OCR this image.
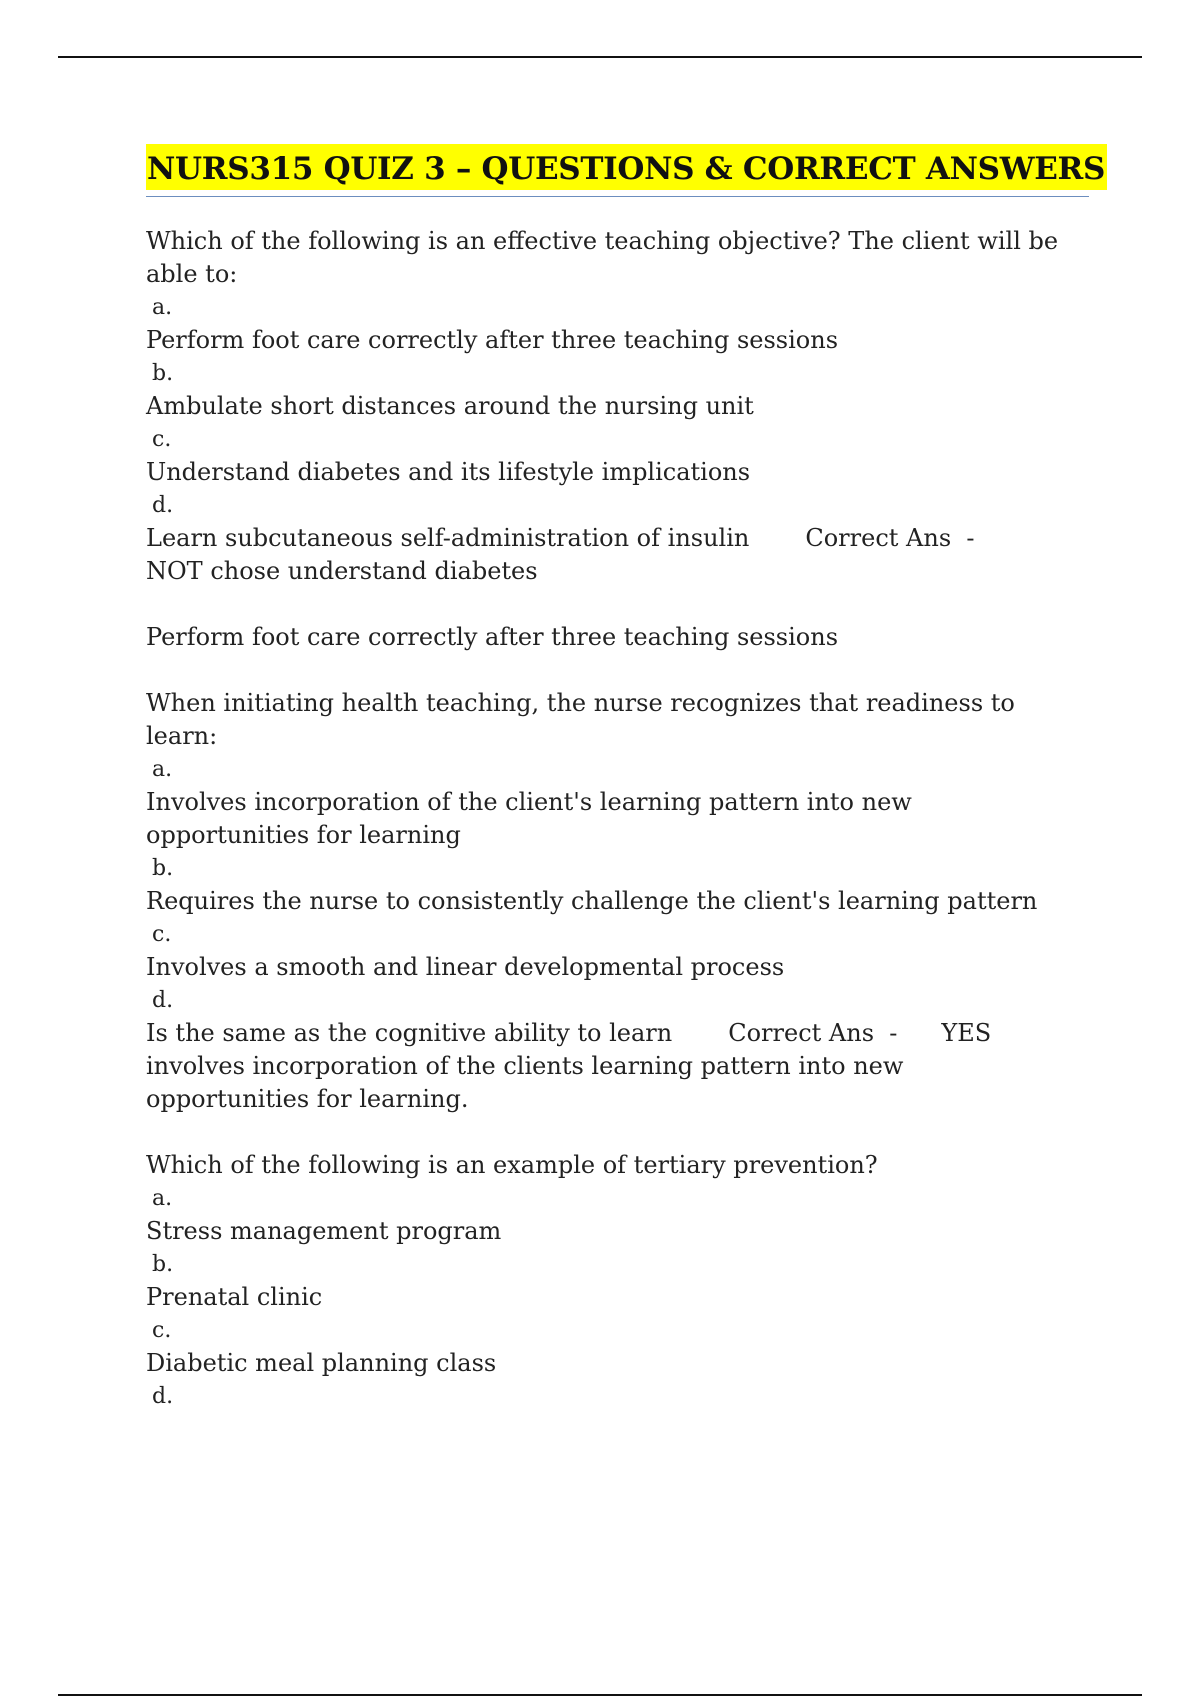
NURS315 QUIZ 3 – QUESTIONS & CORRECT ANSWERS

Which of the following is an effective teaching objective? The client will be

able to:

a.

Perform foot care correctly after three teaching sessions

b.

Ambulate short distances around the nursing unit

c.

Understand diabetes and its lifestyle implications

d.

Learn subcutaneous self-administration of insulin Correct Ans  -

NOT chose understand diabetes

Perform foot care correctly after three teaching sessions

When initiating health teaching, the nurse recognizes that readiness to

learn:

a.

Involves incorporation of the client's learning pattern into new

opportunities for learning

b.

Requires the nurse to consistently challenge the client's learning pattern

c.

Involves a smooth and linear developmental process

d.

Is the same as the cognitive ability to learn Correct Ans  - YES

involves incorporation of the clients learning pattern into new

opportunities for learning.

Which of the following is an example of tertiary prevention?

a.

Stress management program

b.

Prenatal clinic

c.

Diabetic meal planning class

d.
